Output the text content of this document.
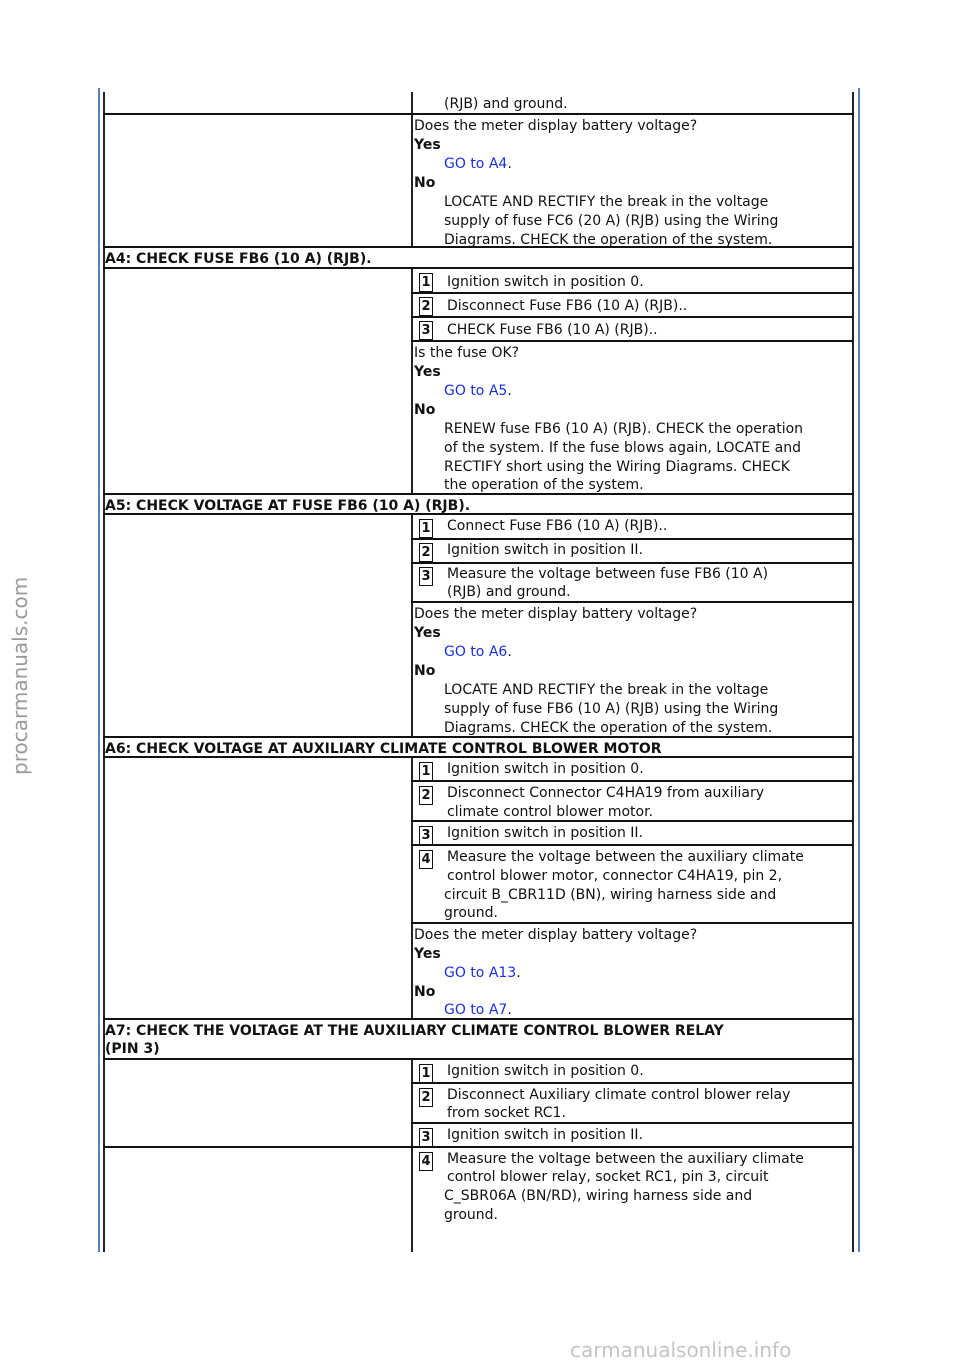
(RJB) and ground.
Does the meter display battery voltage?
Yes
GO to A4.
No
LOCATE AND RECTIFY the break in the voltage
supply of fuse FC6 (20 A) (RJB) using the Wiring
Diagrams. CHECK the operation of the system.
A4: CHECK FUSE FB6 (10 A) (RJB).
1 Ignition switch in position 0.
2 Disconnect Fuse FB6 (10 A) (RJB)..
3 CHECK Fuse FB6 (10 A) (RJB)..
Is the fuse OK?
Yes
GO to A5.
No
RENEW fuse FB6 (10 A) (RJB). CHECK the operation
of the system. If the fuse blows again, LOCATE and
RECTIFY short using the Wiring Diagrams. CHECK
the operation of the system.
A5: CHECK VOLTAGE AT FUSE FB6 (10 A) (RJB).
1 Connect Fuse FB6 (10 A) (RJB)..
2 Ignition switch in position II.
3 Measure the voltage between fuse FB6 (10 A)
(RJB) and ground.
Does the meter display battery voltage?
Yes
GO to A6.
No
LOCATE AND RECTIFY the break in the voltage
supply of fuse FB6 (10 A) (RJB) using the Wiring
Diagrams. CHECK the operation of the system.
A6: CHECK VOLTAGE AT AUXILIARY CLIMATE CONTROL BLOWER MOTOR
1 Ignition switch in position 0.
2 Disconnect Connector C4HA19 from auxiliary
climate control blower motor.
3 Ignition switch in position II.
4 Measure the voltage between the auxiliary climate
control blower motor, connector C4HA19, pin 2,
circuit B_CBR11D (BN), wiring harness side and
ground.
Does the meter display battery voltage?
Yes
GO to A13.
No
GO to A7.
A7: CHECK THE VOLTAGE AT THE AUXILIARY CLIMATE CONTROL BLOWER RELAY
(PIN 3)
1 Ignition switch in position 0.
2 Disconnect Auxiliary climate control blower relay
from socket RC1.
3 Ignition switch in position II.
4 Measure the voltage between the auxiliary climate
control blower relay, socket RC1, pin 3, circuit
C_SBR06A (BN/RD), wiring harness side and
ground.
procarmanuals.com
carmanualsonline.info
